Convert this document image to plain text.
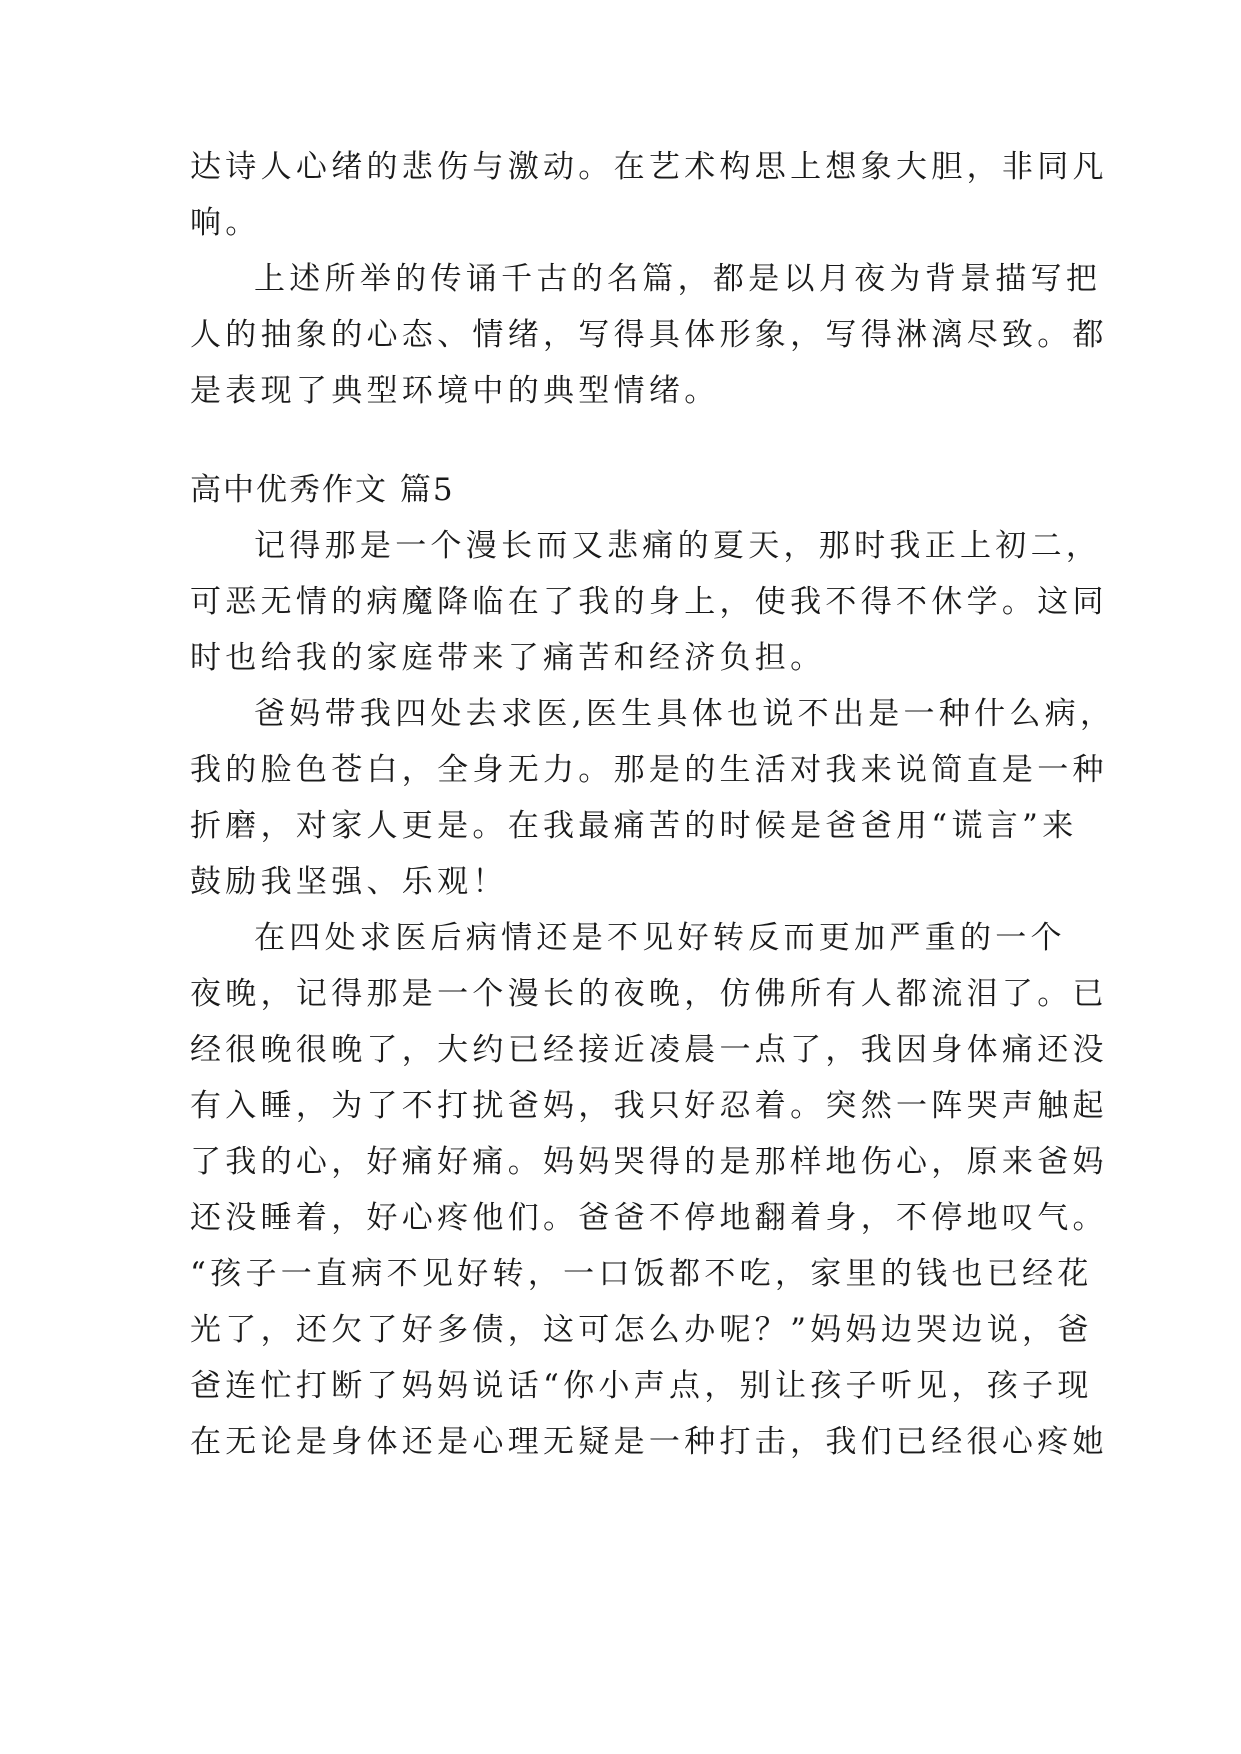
达诗人心绪的悲伤与激动。在艺术构思上想象大胆，非同凡
响。
上述所举的传诵千古的名篇，都是以月夜为背景描写把
人的抽象的心态、情绪，写得具体形象，写得淋漓尽致。都
是表现了典型环境中的典型情绪。
高中优秀作文 篇5
记得那是一个漫长而又悲痛的夏天，那时我正上初二，
可恶无情的病魔降临在了我的身上，使我不得不休学。这同
时也给我的家庭带来了痛苦和经济负担。
爸妈带我四处去求医,医生具体也说不出是一种什么病，
我的脸色苍白，全身无力。那是的生活对我来说简直是一种
折磨，对家人更是。在我最痛苦的时候是爸爸用“谎言”来
鼓励我坚强、乐观！
在四处求医后病情还是不见好转反而更加严重的一个
夜晚，记得那是一个漫长的夜晚，仿佛所有人都流泪了。已
经很晚很晚了，大约已经接近凌晨一点了，我因身体痛还没
有入睡，为了不打扰爸妈，我只好忍着。突然一阵哭声触起
了我的心，好痛好痛。妈妈哭得的是那样地伤心，原来爸妈
还没睡着，好心疼他们。爸爸不停地翻着身，不停地叹气。
“孩子一直病不见好转，一口饭都不吃，家里的钱也已经花
光了，还欠了好多债，这可怎么办呢？”妈妈边哭边说，爸
爸连忙打断了妈妈说话“你小声点，别让孩子听见，孩子现
在无论是身体还是心理无疑是一种打击，我们已经很心疼她
